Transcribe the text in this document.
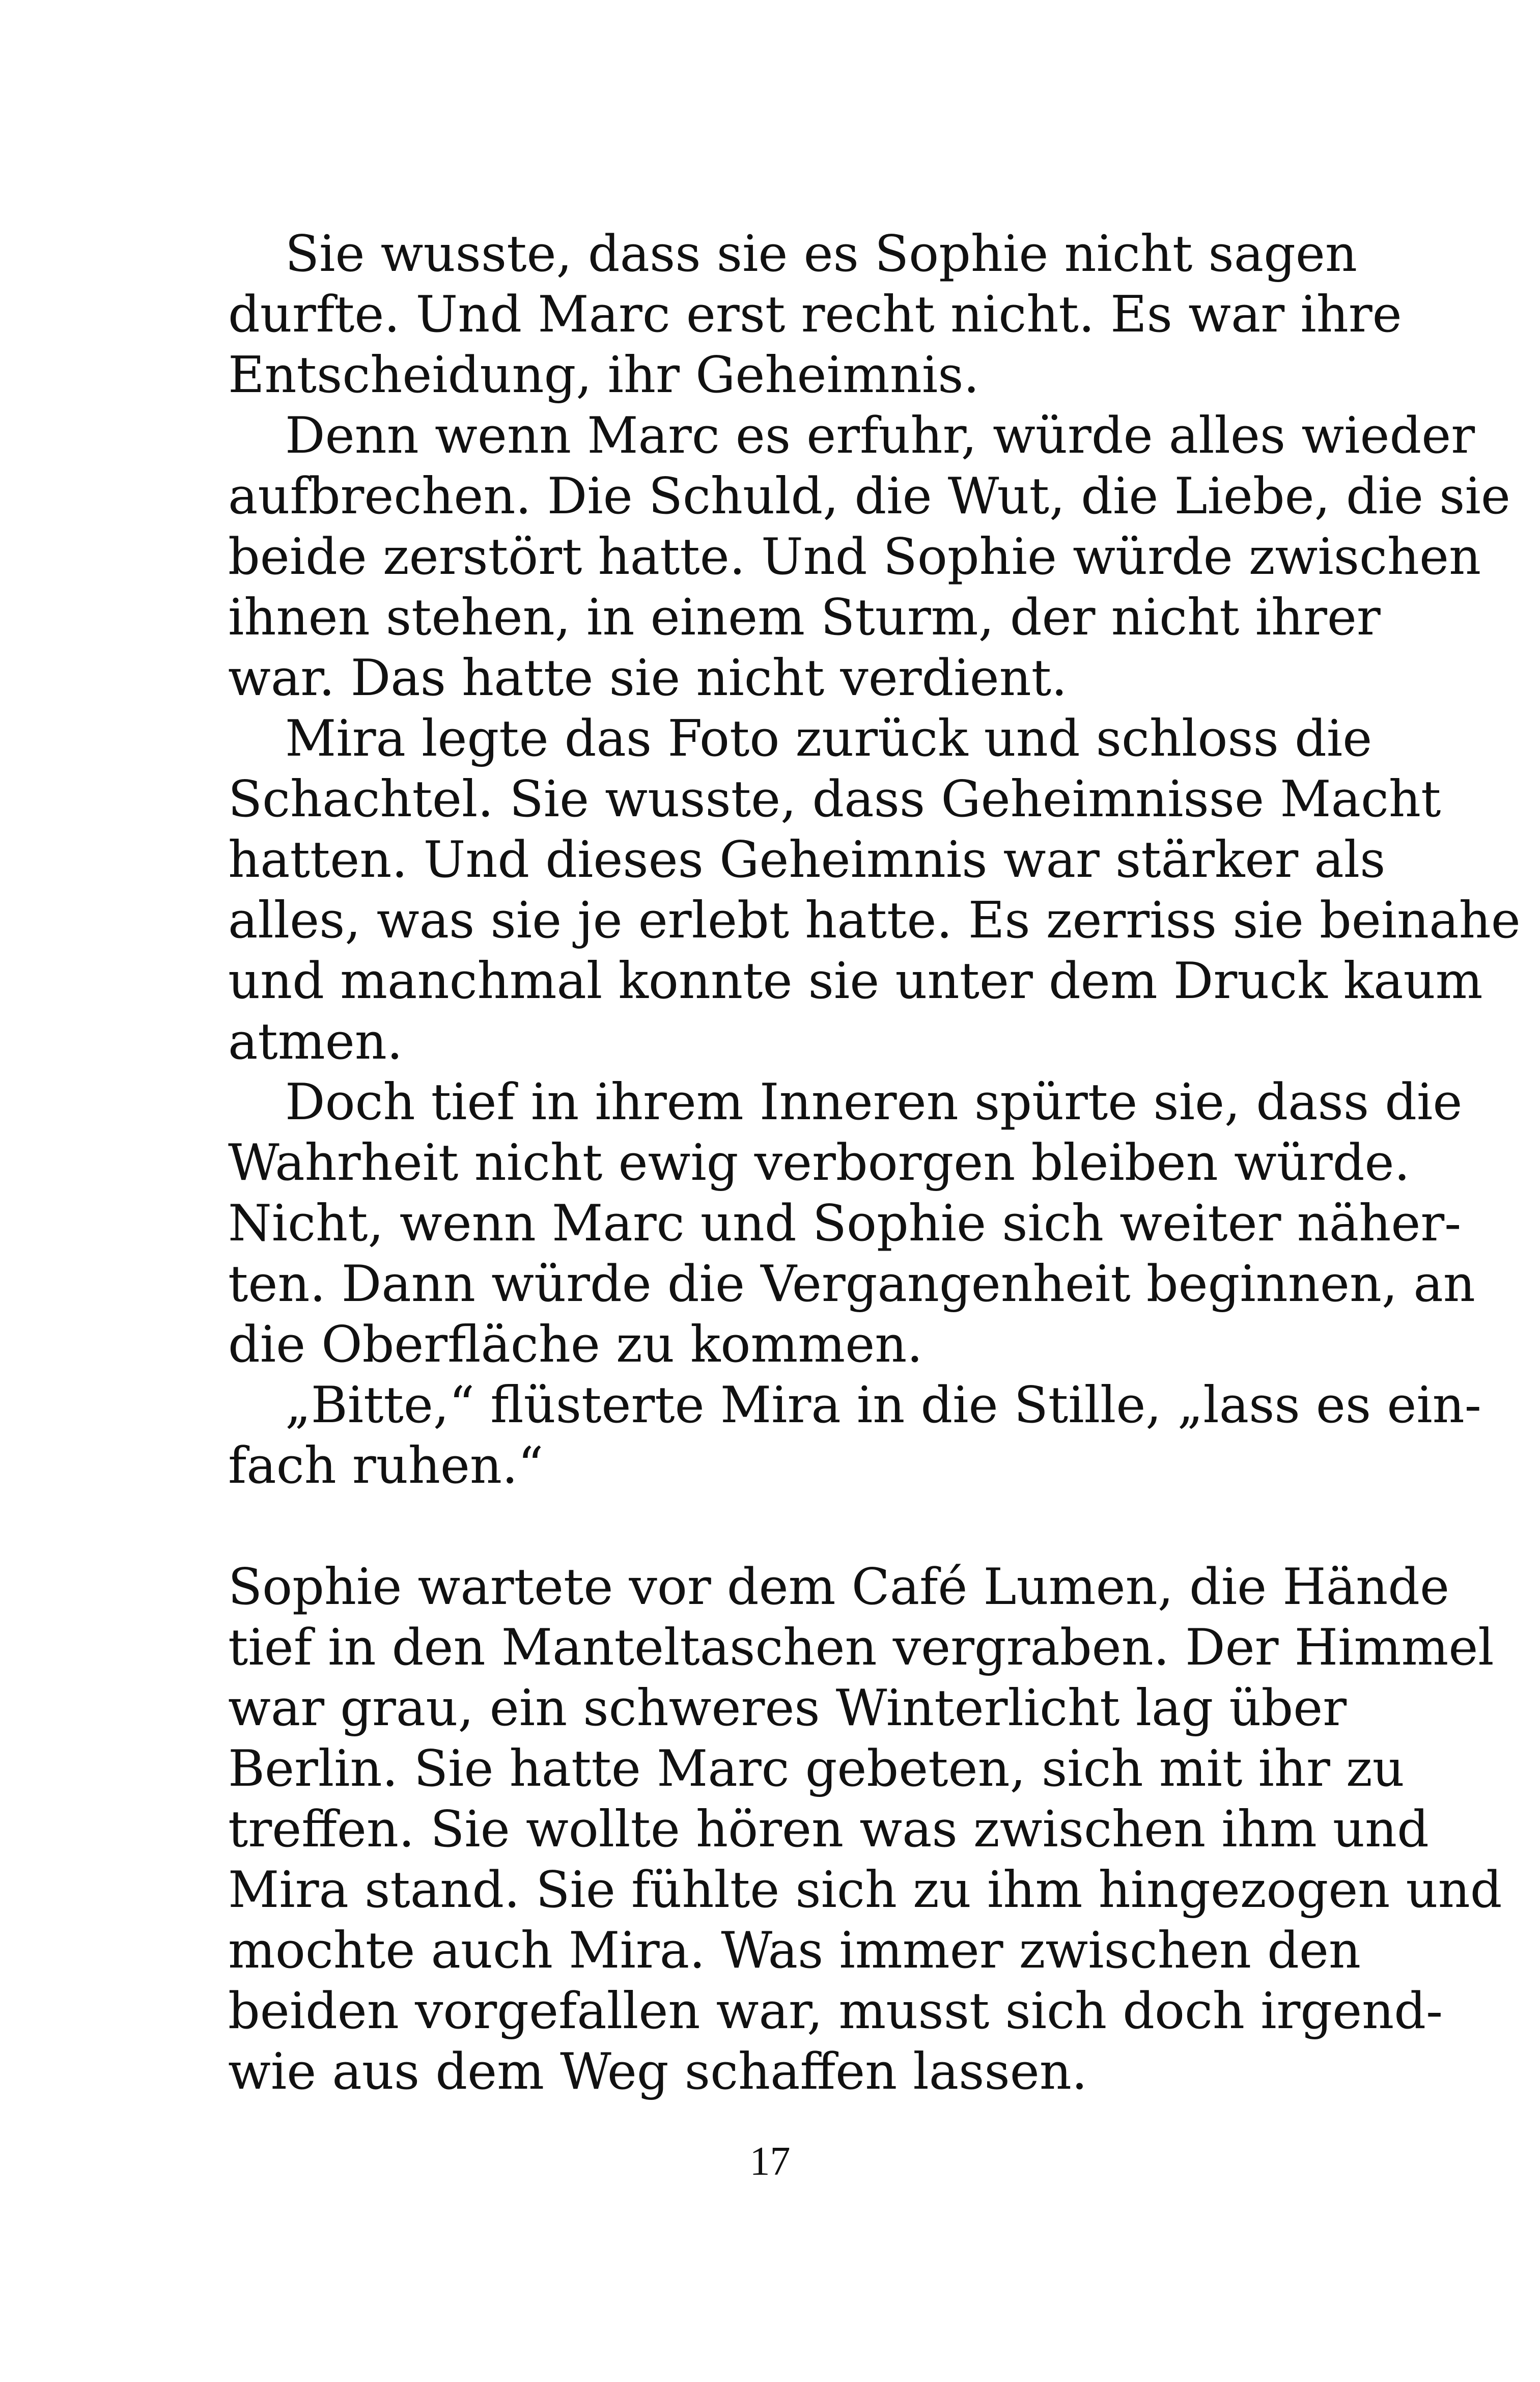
Sie wusste, dass sie es Sophie nicht sagen
durfte. Und Marc erst recht nicht. Es war ihre
Entscheidung, ihr Geheimnis.
Denn wenn Marc es erfuhr, würde alles wieder
aufbrechen. Die Schuld, die Wut, die Liebe, die sie
beide zerstört hatte. Und Sophie würde zwischen
ihnen stehen, in einem Sturm, der nicht ihrer
war. Das hatte sie nicht verdient.
Mira legte das Foto zurück und schloss die
Schachtel. Sie wusste, dass Geheimnisse Macht
hatten. Und dieses Geheimnis war stärker als
alles, was sie je erlebt hatte. Es zerriss sie beinahe
und manchmal konnte sie unter dem Druck kaum
atmen.
Doch tief in ihrem Inneren spürte sie, dass die
Wahrheit nicht ewig verborgen bleiben würde.
Nicht, wenn Marc und Sophie sich weiter näher-
ten. Dann würde die Vergangenheit beginnen, an
die Oberfläche zu kommen.
„Bitte,“ flüsterte Mira in die Stille, „lass es ein-
fach ruhen.“
Sophie wartete vor dem Café Lumen, die Hände
tief in den Manteltaschen vergraben. Der Himmel
war grau, ein schweres Winterlicht lag über
Berlin. Sie hatte Marc gebeten, sich mit ihr zu
treffen. Sie wollte hören was zwischen ihm und
Mira stand. Sie fühlte sich zu ihm hingezogen und
mochte auch Mira. Was immer zwischen den
beiden vorgefallen war, musst sich doch irgend-
wie aus dem Weg schaffen lassen.
17
